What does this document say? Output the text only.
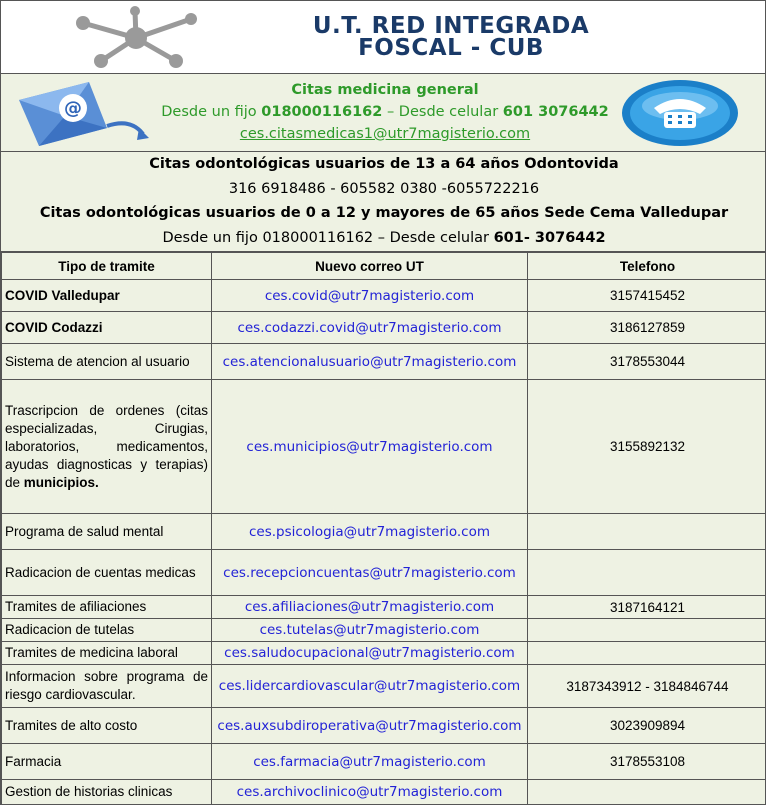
U.T. RED INTEGRADA
FOSCAL - CUB
@
Citas medicina general
Desde un fijo 018000116162 – Desde celular 601 3076442
ces.citasmedicas1@utr7magisterio.com
Citas odontológicas usuarios de 13 a 64 años Odontovida
316 6918486 - 605582 0380 -6055722216
Citas odontológicas usuarios de 0 a 12 y mayores de 65 años Sede Cema Valledupar
Desde un fijo 018000116162 – Desde celular 601- 3076442
Tipo de tramite	Nuevo correo UT	Telefono

COVID Valledupar	ces.covid@utr7magisterio.com	3157415452

COVID Codazzi	ces.codazzi.covid@utr7magisterio.com	3186127859

Sistema de atencion al usuario	ces.atencionalusuario@utr7magisterio.com	3178553044

Trascripcion de ordenes (citas especializadas, Cirugias, laboratorios, medicamentos, ayudas diagnosticas y terapias) de municipios.	ces.municipios@utr7magisterio.com	3155892132

Programa de salud mental	ces.psicologia@utr7magisterio.com	

Radicacion de cuentas medicas	ces.recepcioncuentas@utr7magisterio.com	

Tramites de afiliaciones	ces.afiliaciones@utr7magisterio.com	3187164121

Radicacion de tutelas	ces.tutelas@utr7magisterio.com	

Tramites de medicina laboral	ces.saludocupacional@utr7magisterio.com	

Informacion sobre programa de riesgo cardiovascular.	ces.lidercardiovascular@utr7magisterio.com	3187343912 - 3184846744

Tramites de alto costo	ces.auxsubdiroperativa@utr7magisterio.com	3023909894

Farmacia	ces.farmacia@utr7magisterio.com	3178553108

Gestion de historias clinicas	ces.archivoclinico@utr7magisterio.com	
